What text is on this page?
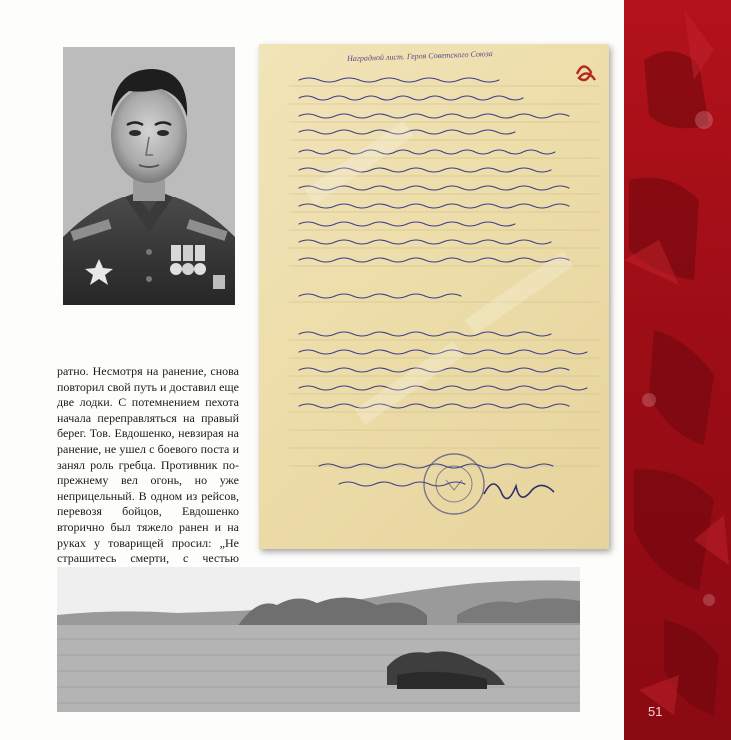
51
Наградной лист. Героя Советского Союза

ратно. Несмотря на ранение, снова повторил свой путь и доставил еще две лодки. С потемнением пехота начала переправляться на правый берег. Тов. Евдошенко, невзирая на ранение, не ушел с боевого поста и занял роль гребца. Противник по-прежнему вел огонь, но уже неприцельный. В одном из рейсов, перевозя бойцов, Евдошенко вторично был тяжело ранен и на руках у товарищей просил: „Не страшитесь смерти, с честью
